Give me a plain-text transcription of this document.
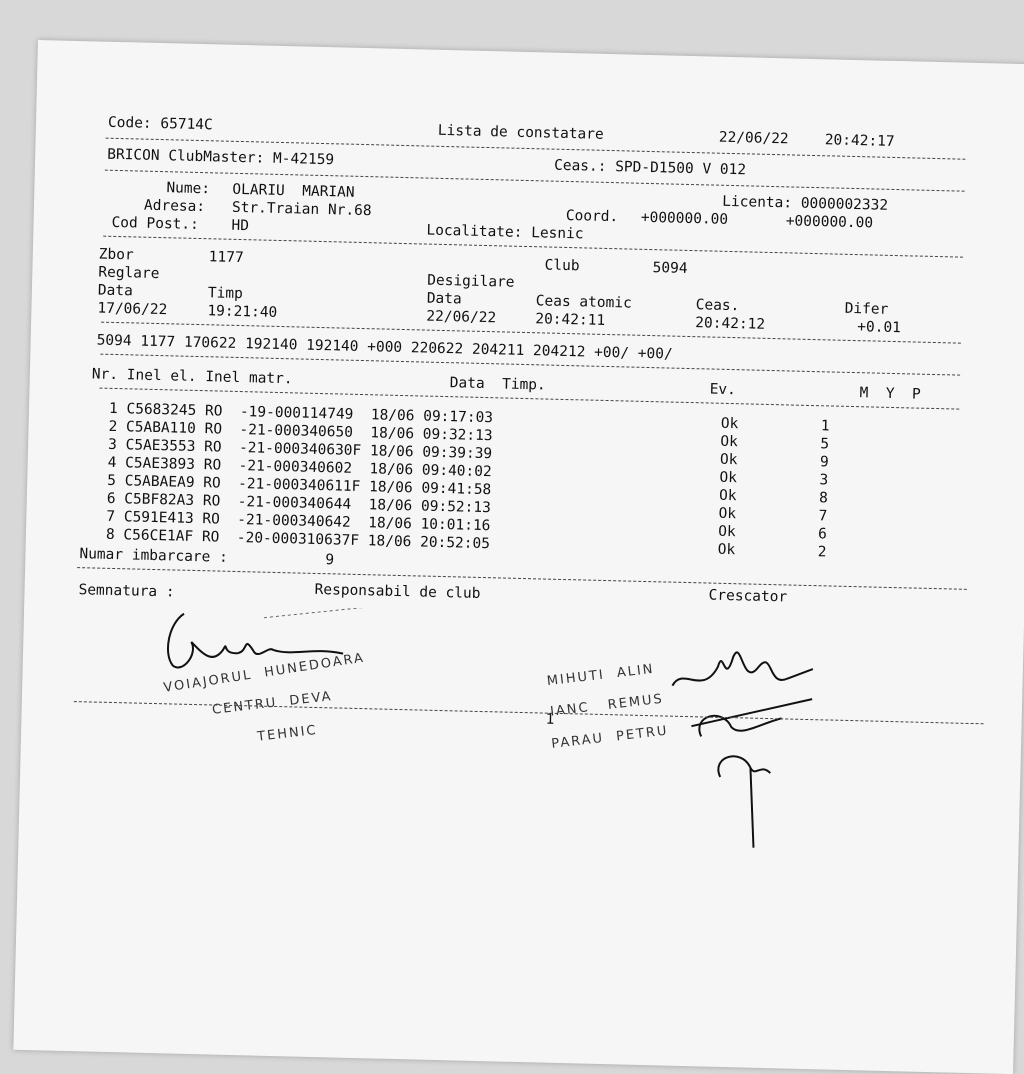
Code: 65714C	Lista de constatare	22/06/22 20:42:17
BRICON ClubMaster: M-42159	Ceas.: SPD-D1500 V 012
Nume: OLARIU  MARIAN
Licenta: 0000002332
Adresa: Str.Traian Nr.68	Coord. +000000.00	+000000.00
Cod Post.: HD	Localitate: Lesnic
Zbor	1177	Club	5094
Reglare	Desigilare
Data	Timp	Data	Ceas atomic	Ceas.	Difer
17/06/22	19:21:40	22/06/22	20:42:11	20:42:12	+0.01
5094 1177 170622 192140 192140 +000 220622 204211 204212 +00/ +00/
Nr. Inel el. Inel matr.	Data  Timp.	Ev.	M  Y  P
1 C5683245 RO  -19-000114749  18/06 09:17:03	Ok	1
2 C5ABA110 RO  -21-000340650  18/06 09:32:13	Ok	5
3 C5AE3553 RO  -21-000340630F 18/06 09:39:39	Ok	9
4 C5AE3893 RO  -21-000340602  18/06 09:40:02	Ok	3
5 C5ABAEA9 RO  -21-000340611F 18/06 09:41:58	Ok	8
6 C5BF82A3 RO  -21-000340644  18/06 09:52:13	Ok	7
7 C591E413 RO  -21-000340642  18/06 10:01:16	Ok	6
8 C56CE1AF RO  -20-000310637F 18/06 20:52:05	Ok	2
Numar imbarcare :	9
Semnatura :	Responsabil de club	Crescator
VOIAJORUL  HUNEDOARA
CENTRU  DEVA
TEHNIC
MIHUTI  ALIN
IANC   REMUS
PARAU  PETRU
1
